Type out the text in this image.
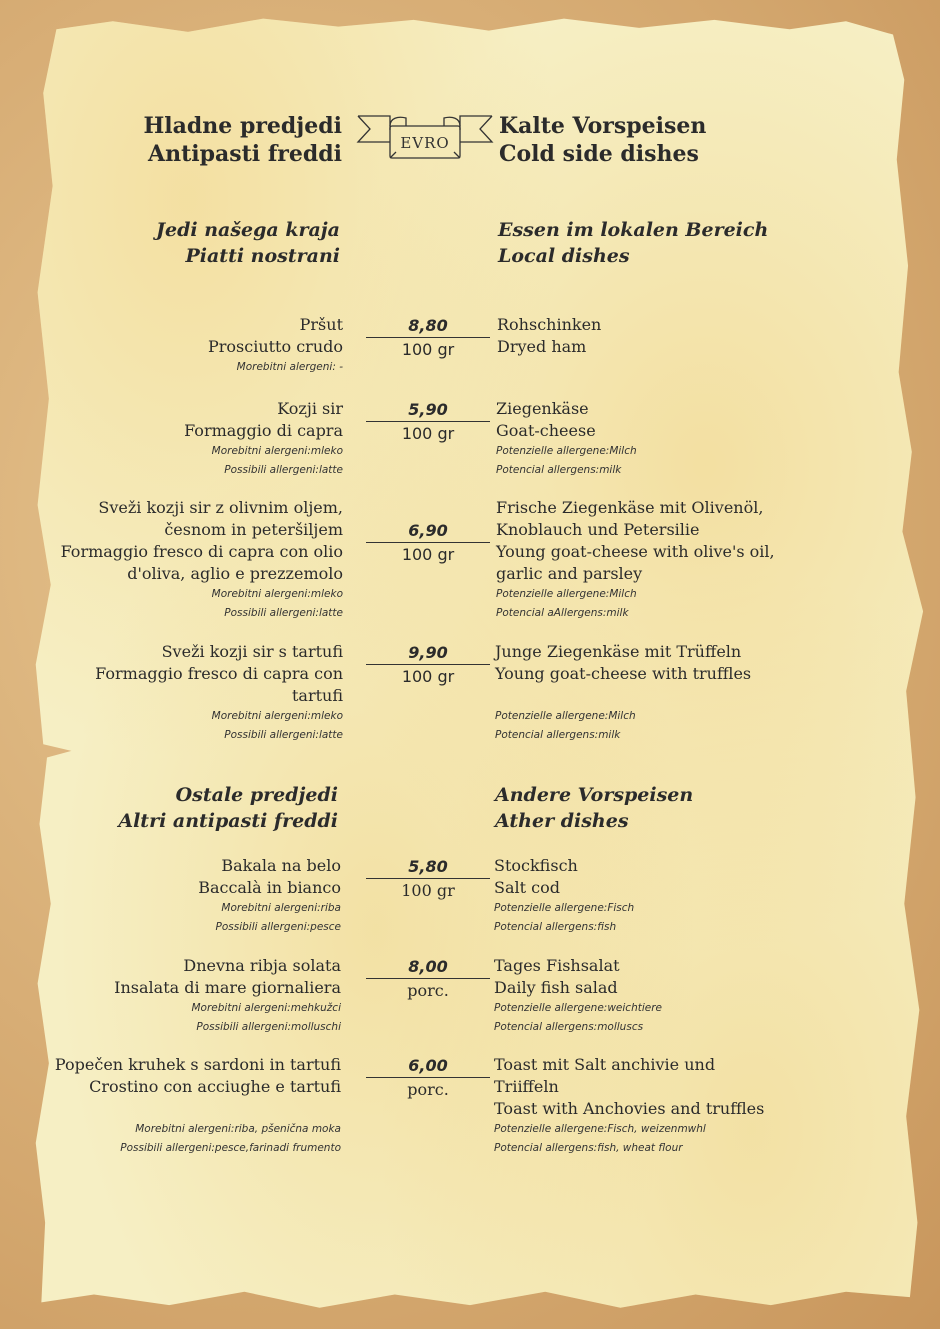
Hladne predjedi
Antipasti freddi	EVRO
Kalte Vorspeisen
Cold side dishes
Jedi našega kraja
Piatti nostrani
Essen im lokalen Bereich
Local dishes
Pršut
Prosciutto crudo
Morebitni alergeni: -
8,80
100 gr
Rohschinken
Dryed ham
Kozji sir
Formaggio di capra
Morebitni alergeni:mleko
Possibili allergeni:latte
5,90
100 gr
Ziegenkäse
Goat-cheese
Potenzielle allergene:Milch
Potencial allergens:milk
Sveži kozji sir z olivnim oljem,
česnom in peteršiljem
Formaggio fresco di capra con olio
d'oliva, aglio e prezzemolo
Morebitni alergeni:mleko
Possibili allergeni:latte
6,90
100 gr
Frische Ziegenkäse mit Olivenöl,
Knoblauch und Petersilie
Young goat-cheese with olive's oil,
garlic and parsley
Potenzielle allergene:Milch
Potencial aAllergens:milk
Sveži kozji sir s tartufi
Formaggio fresco di capra con
tartufi
Morebitni alergeni:mleko
Possibili allergeni:latte
9,90
100 gr
Junge Ziegenkäse mit Trüffeln
Young goat-cheese with truffles
Potenzielle allergene:Milch
Potencial allergens:milk
Ostale predjedi
Altri antipasti freddi
Andere Vorspeisen
Ather dishes
Bakala na belo
Baccalà in bianco
Morebitni alergeni:riba
Possibili allergeni:pesce
5,80
100 gr
Stockfisch
Salt cod
Potenzielle allergene:Fisch
Potencial allergens:fish
Dnevna ribja solata
Insalata di mare giornaliera
Morebitni alergeni:mehkužci
Possibili allergeni:molluschi
8,00
porc.
Tages Fishsalat
Daily fish salad
Potenzielle allergene:weichtiere
Potencial allergens:molluscs
Popečen kruhek s sardoni in tartufi
Crostino con acciughe e tartufi
Morebitni alergeni:riba, pšenična moka
Possibili allergeni:pesce,farinadi frumento
6,00
porc.
Toast mit Salt anchivie und
Triiffeln
Toast with Anchovies and truffles
Potenzielle allergene:Fisch, weizenmwhl
Potencial allergens:fish, wheat flour
